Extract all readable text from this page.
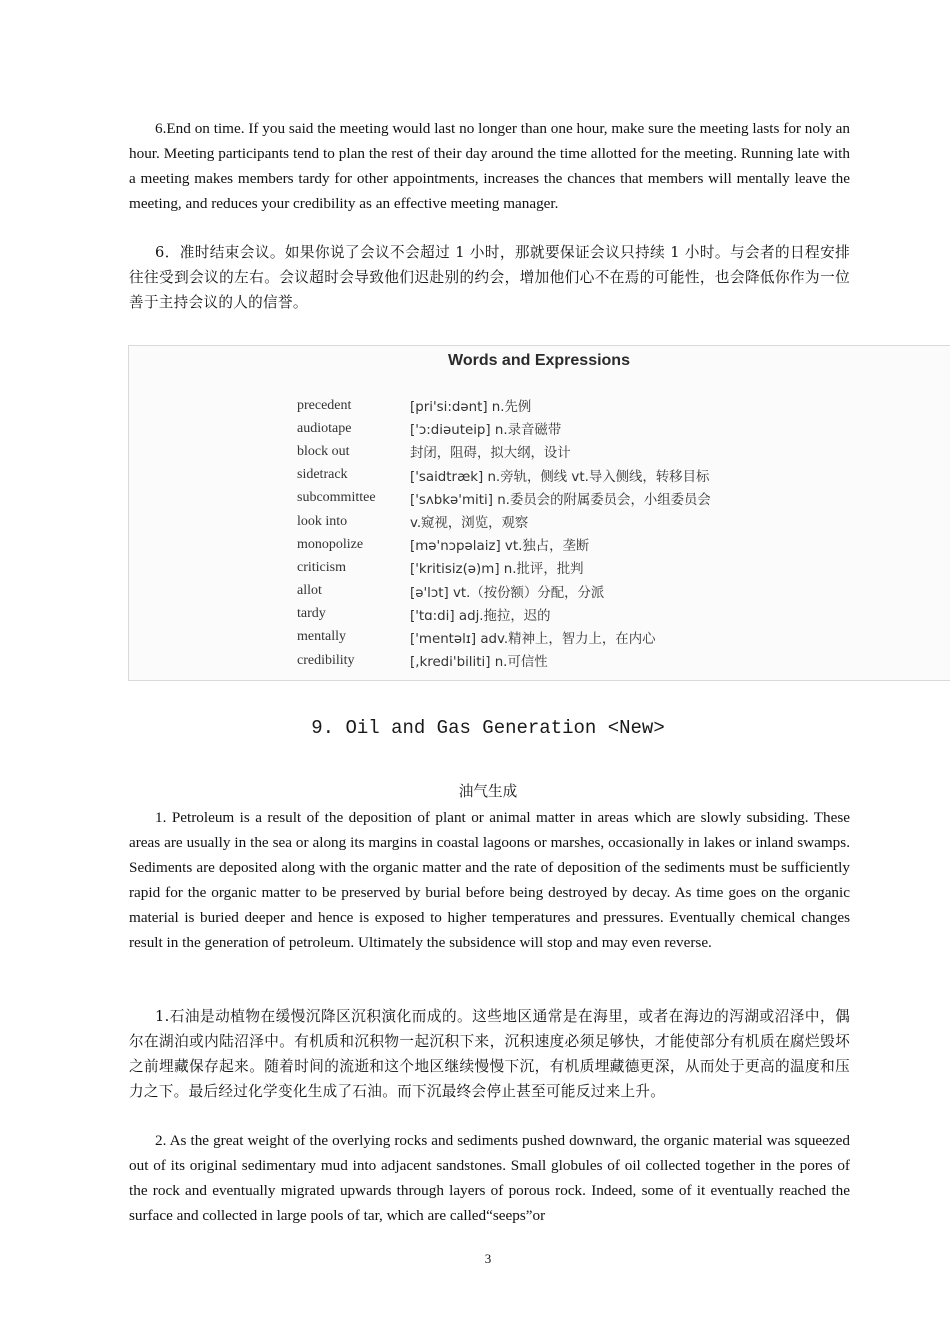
6.End on time. If you said the meeting would last no longer than one hour, make sure the meeting lasts for noly an hour. Meeting participants tend to plan the rest of their day around the time allotted for the meeting. Running late with a meeting makes members tardy for other appointments, increases the chances that members will mentally leave the meeting, and reduces your credibility as an effective meeting manager.

6．准时结束会议。如果你说了会议不会超过 1 小时，那就要保证会议只持续 1 小时。与会者的日程安排往往受到会议的左右。会议超时会导致他们迟赴别的约会，增加他们心不在焉的可能性，也会降低你作为一位善于主持会议的人的信誉。

Words and Expressions
precedent	[pri'si:dənt] n.先例
audiotape	['ɔ:diəuteip] n.录音磁带
block out	封闭，阻碍，拟大纲，设计
sidetrack	['saidtræk] n.旁轨，侧线 vt.导入侧线，转移目标
subcommittee	['sʌbkə'miti] n.委员会的附属委员会，小组委员会
look into	v.窥视，浏览，观察
monopolize	[mə'nɔpəlaiz] vt.独占，垄断
criticism	['kritisiz(ə)m] n.批评，批判
allot	[ə'lɔt] vt.（按份额）分配，分派
tardy	['tɑ:di] adj.拖拉，迟的
mentally	['mentəlɪ] adv.精神上，智力上，在内心
credibility	[,kredi'biliti] n.可信性
9. Oil and Gas Generation <New>
油气生成

1. Petroleum is a result of the deposition of plant or animal matter in areas which are slowly subsiding. These areas are usually in the sea or along its margins in coastal lagoons or marshes, occasionally in lakes or inland swamps. Sediments are deposited along with the organic matter and the rate of deposition of the sediments must be sufficiently rapid for the organic matter to be preserved by burial before being destroyed by decay. As time goes on the organic material is buried deeper and hence is exposed to higher temperatures and pressures. Eventually chemical changes result in the generation of petroleum. Ultimately the subsidence will stop and may even reverse.

1.石油是动植物在缓慢沉降区沉积演化而成的。这些地区通常是在海里，或者在海边的泻湖或沼泽中，偶尔在湖泊或内陆沼泽中。有机质和沉积物一起沉积下来，沉积速度必须足够快，才能使部分有机质在腐烂毁坏之前埋藏保存起来。随着时间的流逝和这个地区继续慢慢下沉，有机质埋藏德更深，从而处于更高的温度和压力之下。最后经过化学变化生成了石油。而下沉最终会停止甚至可能反过来上升。

2. As the great weight of the overlying rocks and sediments pushed downward, the organic material was squeezed out of its original sedimentary mud into adjacent sandstones. Small globules of oil collected together in the pores of the rock and eventually migrated upwards through layers of porous rock. Indeed, some of it eventually reached the surface and collected in large pools of tar, which are called“seeps”or

3
